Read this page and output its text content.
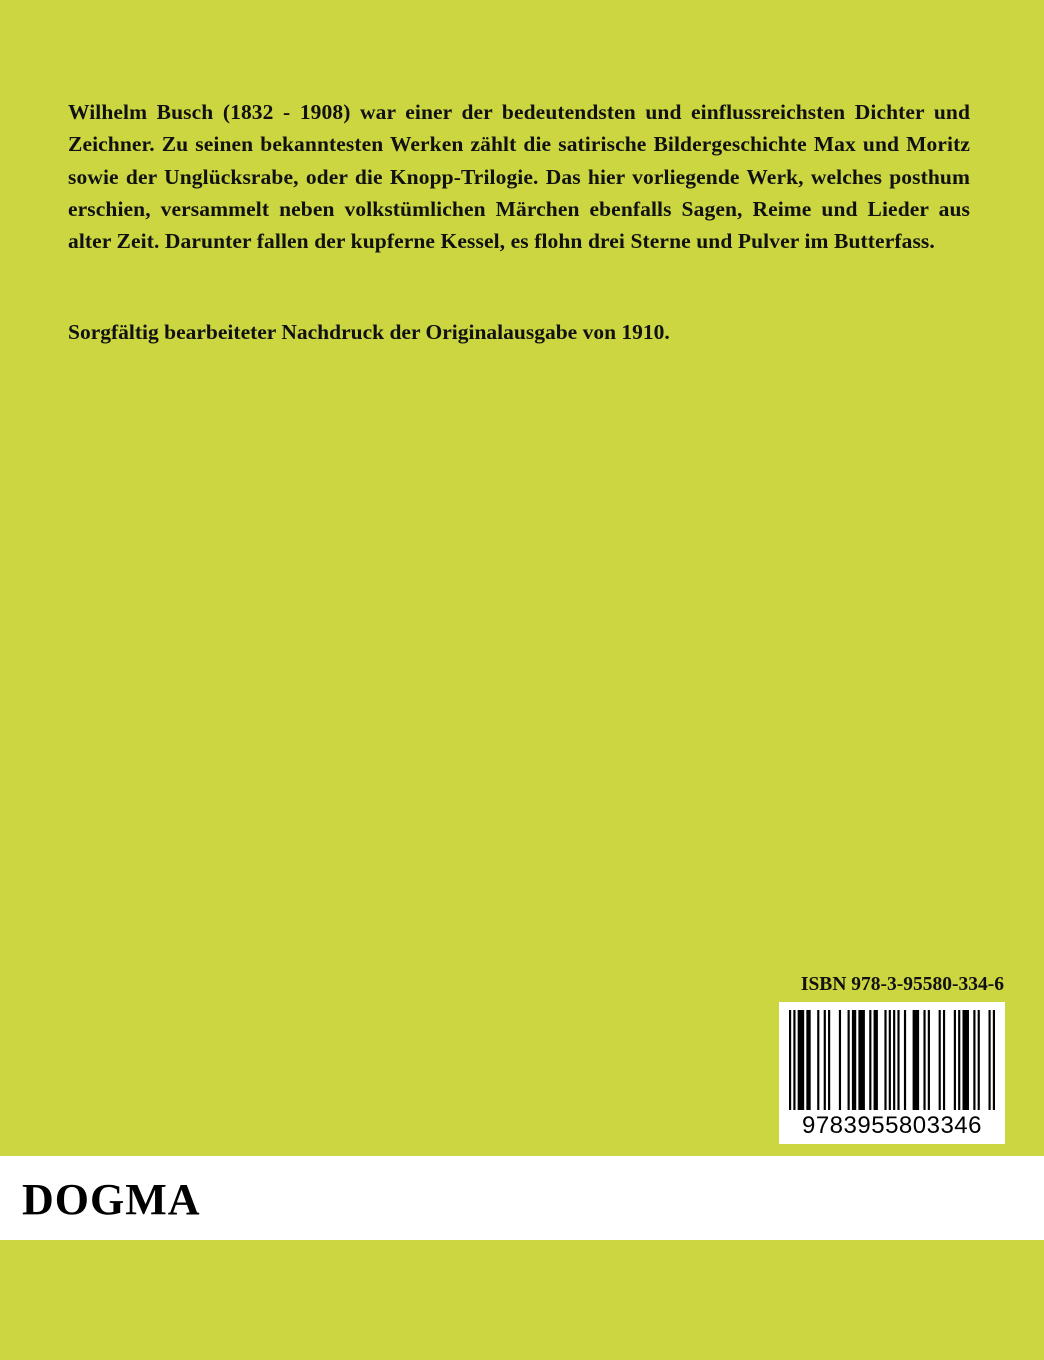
Wilhelm Busch (1832 - 1908) war einer der bedeutendsten und einflussreichsten Dichter und Zeichner. Zu seinen bekanntesten Werken zählt die satirische Bildergeschichte Max und Moritz sowie der Unglücksrabe, oder die Knopp-Trilogie. Das hier vorliegende Werk, welches posthum erschien, versammelt neben volkstümlichen Märchen ebenfalls Sagen, Reime und Lieder aus alter Zeit. Darunter fallen der kupferne Kessel, es flohn drei Sterne und Pulver im Butterfass.

Sorgfältig bearbeiteter Nachdruck der Originalausgabe von 1910.

ISBN 978-3-95580-334-6
9783955803346
DOGMA
